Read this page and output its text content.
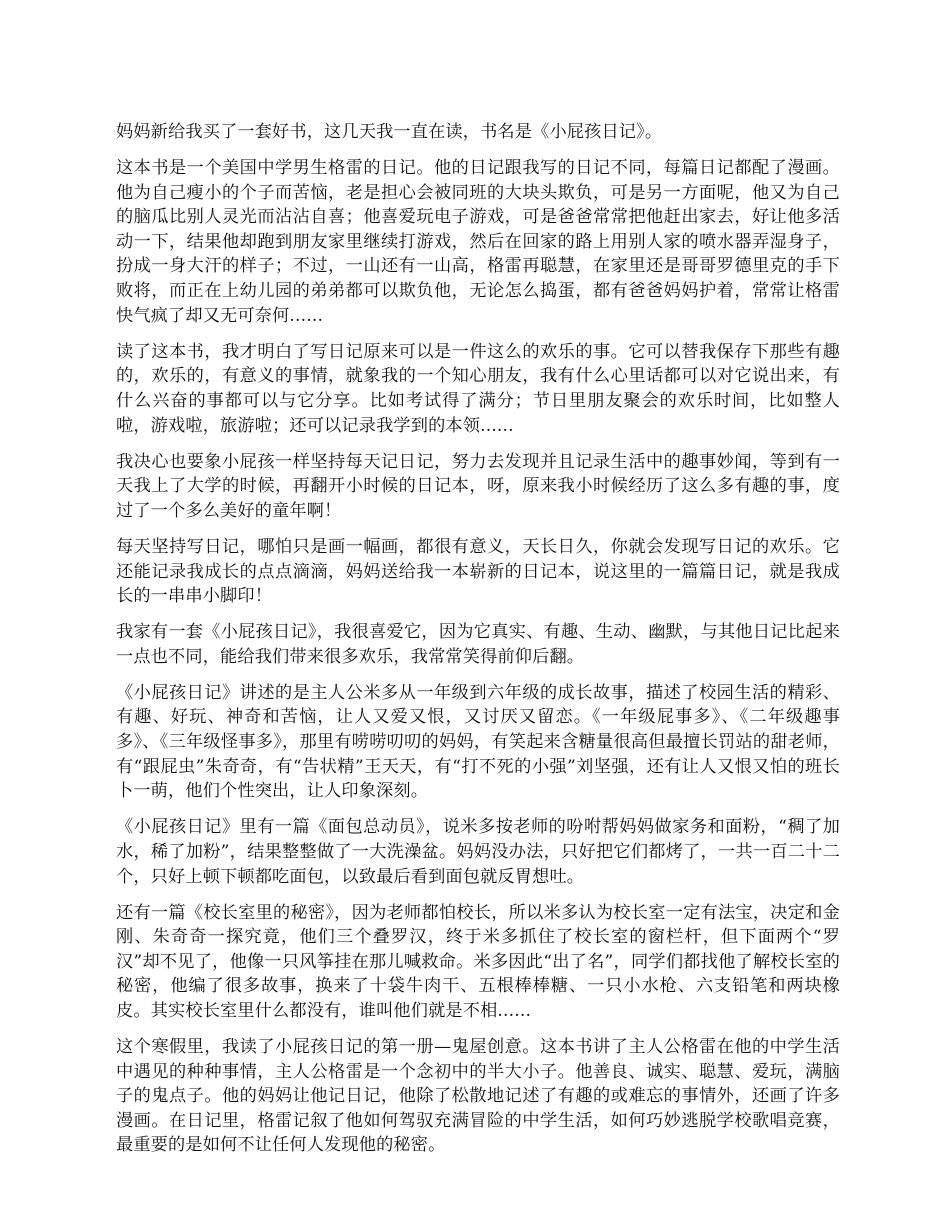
妈妈新给我买了一套好书，这几天我一直在读，书名是《小屁孩日记》。

这本书是一个美国中学男生格雷的日记。他的日记跟我写的日记不同，每篇日记都配了漫画。他为自己瘦小的个子而苦恼，老是担心会被同班的大块头欺负，可是另一方面呢，他又为自己的脑瓜比别人灵光而沾沾自喜；他喜爱玩电子游戏，可是爸爸常常把他赶出家去，好让他多活动一下，结果他却跑到朋友家里继续打游戏，然后在回家的路上用别人家的喷水器弄湿身子，扮成一身大汗的样子；不过，一山还有一山高，格雷再聪慧，在家里还是哥哥罗德里克的手下败将，而正在上幼儿园的弟弟都可以欺负他，无论怎么捣蛋，都有爸爸妈妈护着，常常让格雷快气疯了却又无可奈何......

读了这本书，我才明白了写日记原来可以是一件这么的欢乐的事。它可以替我保存下那些有趣的，欢乐的，有意义的事情，就象我的一个知心朋友，我有什么心里话都可以对它说出来，有什么兴奋的事都可以与它分享。比如考试得了满分；节日里朋友聚会的欢乐时间，比如整人啦，游戏啦，旅游啦；还可以记录我学到的本领......

我决心也要象小屁孩一样坚持每天记日记，努力去发现并且记录生活中的趣事妙闻，等到有一天我上了大学的时候，再翻开小时候的日记本，呀，原来我小时候经历了这么多有趣的事，度过了一个多么美好的童年啊！

每天坚持写日记，哪怕只是画一幅画，都很有意义，天长日久，你就会发现写日记的欢乐。它还能记录我成长的点点滴滴，妈妈送给我一本崭新的日记本，说这里的一篇篇日记，就是我成长的一串串小脚印！

我家有一套《小屁孩日记》，我很喜爱它，因为它真实、有趣、生动、幽默，与其他日记比起来一点也不同，能给我们带来很多欢乐，我常常笑得前仰后翻。

《小屁孩日记》讲述的是主人公米多从一年级到六年级的成长故事，描述了校园生活的精彩、有趣、好玩、神奇和苦恼，让人又爱又恨，又讨厌又留恋。《一年级屁事多》、《二年级趣事多》、《三年级怪事多》，那里有唠唠叨叨的妈妈，有笑起来含糖量很高但最擅长罚站的甜老师，有“跟屁虫”朱奇奇，有“告状精”王天天，有“打不死的小强”刘坚强，还有让人又恨又怕的班长卜一萌，他们个性突出，让人印象深刻。

《小屁孩日记》里有一篇《面包总动员》，说米多按老师的吩咐帮妈妈做家务和面粉，“稠了加水，稀了加粉”，结果整整做了一大洗澡盆。妈妈没办法，只好把它们都烤了，一共一百二十二个，只好上顿下顿都吃面包，以致最后看到面包就反胃想吐。

还有一篇《校长室里的秘密》，因为老师都怕校长，所以米多认为校长室一定有法宝，决定和金刚、朱奇奇一探究竟，他们三个叠罗汉，终于米多抓住了校长室的窗栏杆，但下面两个“罗汉”却不见了，他像一只风筝挂在那儿喊救命。米多因此“出了名”，同学们都找他了解校长室的秘密，他编了很多故事，换来了十袋牛肉干、五根棒棒糖、一只小水枪、六支铅笔和两块橡皮。其实校长室里什么都没有，谁叫他们就是不相......

这个寒假里，我读了小屁孩日记的第一册—鬼屋创意。这本书讲了主人公格雷在他的中学生活中遇见的种种事情，主人公格雷是一个念初中的半大小子。他善良、诚实、聪慧、爱玩，满脑子的鬼点子。他的妈妈让他记日记，他除了松散地记述了有趣的或难忘的事情外，还画了许多漫画。在日记里，格雷记叙了他如何驾驭充满冒险的中学生活，如何巧妙逃脱学校歌唱竞赛，最重要的是如何不让任何人发现他的秘密。
